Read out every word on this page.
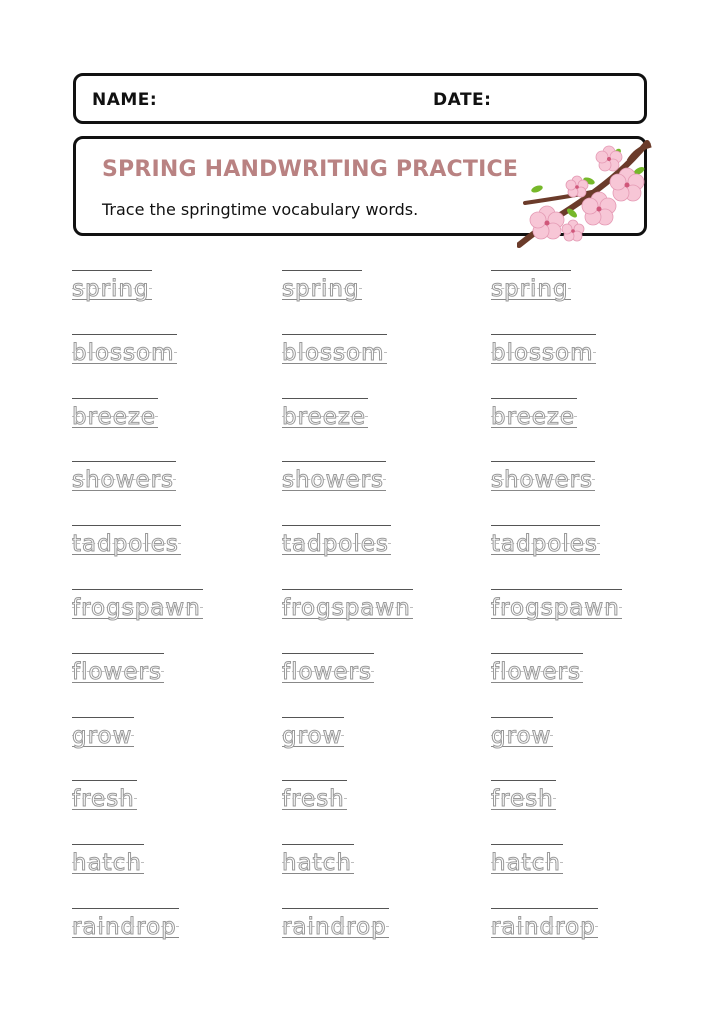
NAME:	DATE:
SPRING HANDWRITING PRACTICE
Trace the springtime vocabulary words.
spring	spring	spring
blossom	blossom	blossom
breeze	breeze	breeze
showers	showers	showers
tadpoles	tadpoles	tadpoles
frogspawn	frogspawn	frogspawn
flowers	flowers	flowers
grow	grow	grow
fresh	fresh	fresh
hatch	hatch	hatch
raindrop	raindrop	raindrop
